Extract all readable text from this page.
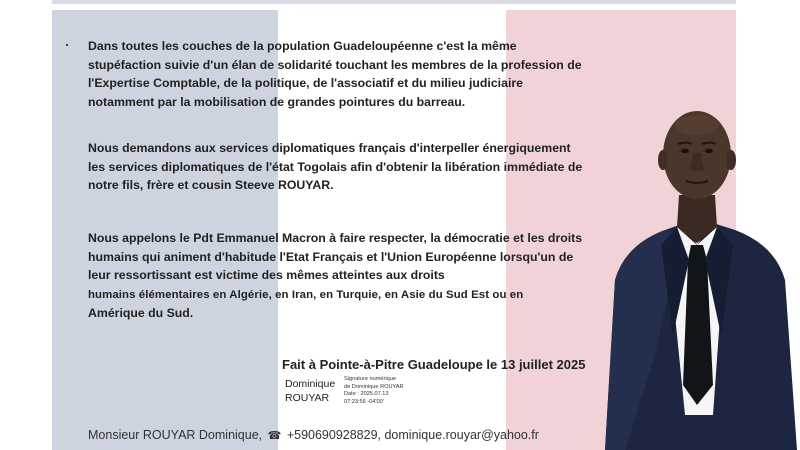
Dans toutes les couches de la population Guadeloupéenne c'est la même stupéfaction suivie d'un élan de solidarité touchant les membres de la profession de l'Expertise Comptable, de la politique, de l'associatif et du milieu judiciaire notamment par la mobilisation de grandes pointures du barreau.
Nous demandons aux services diplomatiques français d'interpeller énergiquement les services diplomatiques de l'état Togolais afin d'obtenir la libération immédiate de notre fils, frère et cousin Steeve ROUYAR.
Nous appelons le Pdt Emmanuel Macron à faire respecter, la démocratie et les droits humains qui animent d'habitude l'Etat Français et l'Union Européenne lorsqu'un de leur ressortissant est victime des mêmes atteintes aux droits
humains élémentaires en Algérie, en Iran, en Turquie, en Asie du Sud Est ou en
Amérique du Sud.
Fait à Pointe-à-Pitre Guadeloupe le 13 juillet 2025
Dominique
ROUYAR
Signature numérique
de Dominique ROUYAR
Date : 2025.07.13
07:23:56 -04'00'
Monsieur ROUYAR Dominique, ☎ +590690928829, dominique.rouyar@yahoo.fr
